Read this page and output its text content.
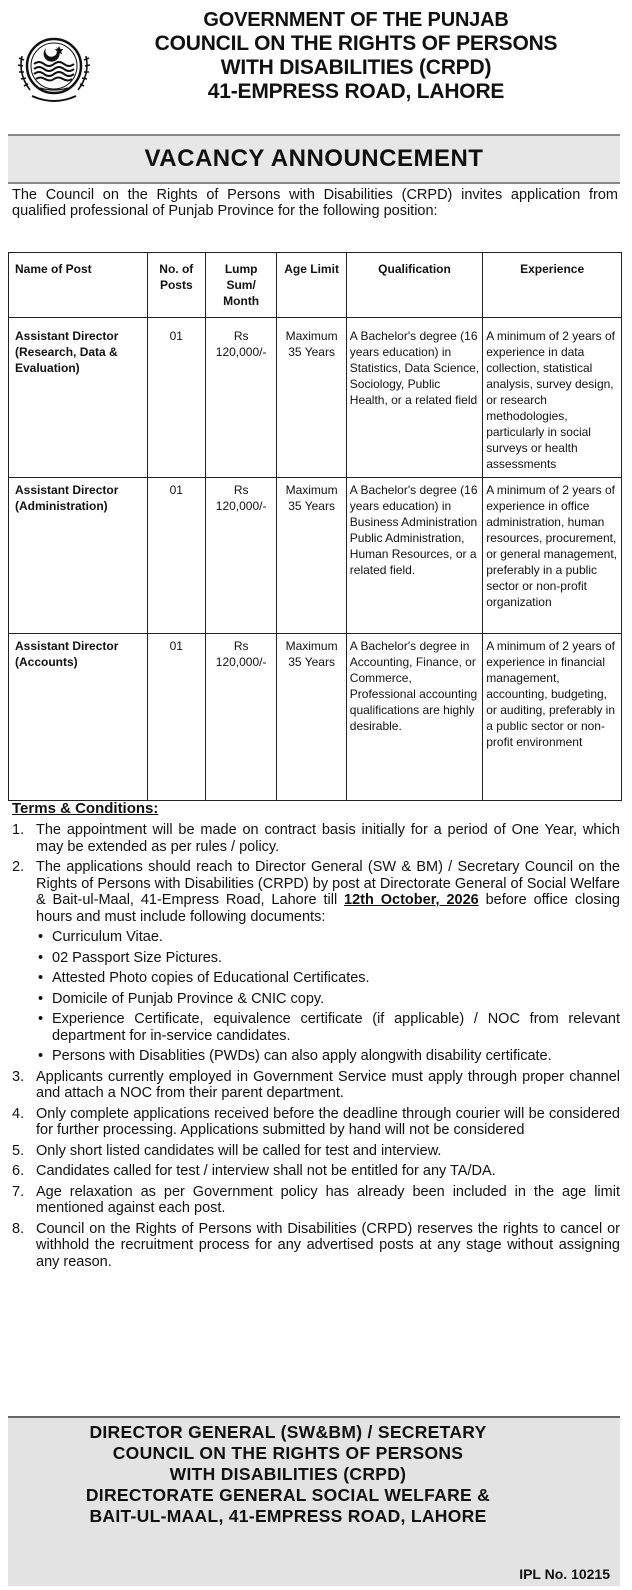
GOVERNMENT OF THE PUNJAB
COUNCIL ON THE RIGHTS OF PERSONS
WITH DISABILITIES (CRPD)
41-EMPRESS ROAD, LAHORE
VACANCY ANNOUNCEMENT
The Council on the Rights of Persons with Disabilities (CRPD) invites application from qualified professional of Punjab Province for the following position:
Name of Post	No. of Posts	Lump Sum/ Month	Age Limit	Qualification	Experience
Assistant Director (Research, Data & Evaluation)	01	Rs 120,000/-	Maximum 35 Years	A Bachelor's degree (16 years education) in Statistics, Data Science, Sociology, Public Health, or a related field	A minimum of 2 years of experience in data collection, statistical analysis, survey design, or research methodologies, particularly in social surveys or health assessments
Assistant Director (Administration)	01	Rs 120,000/-	Maximum 35 Years	A Bachelor's degree (16 years education) in Business Administration Public Administration, Human Resources, or a related field.	A minimum of 2 years of experience in office administration, human resources, procurement, or general management, preferably in a public sector or non-profit organization
Assistant Director (Accounts)	01	Rs 120,000/-	Maximum 35 Years	A Bachelor's degree in Accounting, Finance, or Commerce, Professional accounting qualifications are highly desirable.	A minimum of 2 years of experience in financial management, accounting, budgeting, or auditing, preferably in a public sector or non-profit environment
Terms & Conditions:
1. The appointment will be made on contract basis initially for a period of One Year, which may be extended as per rules / policy.
2. The applications should reach to Director General (SW & BM) / Secretary Council on the Rights of Persons with Disabilities (CRPD) by post at Directorate General of Social Welfare & Bait-ul-Maal, 41-Empress Road, Lahore till 12th October, 2026 before office closing hours and must include following documents:
• Curriculum Vitae.
• 02 Passport Size Pictures.
• Attested Photo copies of Educational Certificates.
• Domicile of Punjab Province & CNIC copy.
• Experience Certificate, equivalence certificate (if applicable) / NOC from relevant department for in-service candidates.
• Persons with Disablities (PWDs) can also apply alongwith disability certificate.
3. Applicants currently employed in Government Service must apply through proper channel and attach a NOC from their parent department.
4. Only complete applications received before the deadline through courier will be considered for further processing. Applications submitted by hand will not be considered
5. Only short listed candidates will be called for test and interview.
6. Candidates called for test / interview shall not be entitled for any TA/DA.
7. Age relaxation as per Government policy has already been included in the age limit mentioned against each post.
8. Council on the Rights of Persons with Disabilities (CRPD) reserves the rights to cancel or withhold the recruitment process for any advertised posts at any stage without assigning any reason.
DIRECTOR GENERAL (SW&BM) / SECRETARY
COUNCIL ON THE RIGHTS OF PERSONS
WITH DISABILITIES (CRPD)
DIRECTORATE GENERAL SOCIAL WELFARE &
BAIT-UL-MAAL, 41-EMPRESS ROAD, LAHORE
IPL No. 10215
